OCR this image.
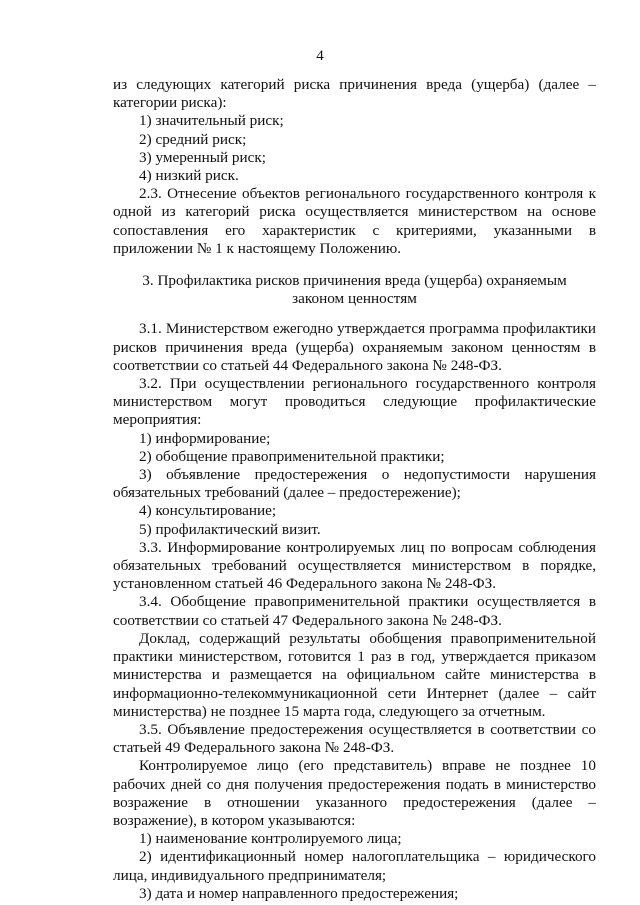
4

из следующих категорий риска причинения вреда (ущерба) (далее – категории риска):

1) значительный риск;

2) средний риск;

3) умеренный риск;

4) низкий риск.

2.3. Отнесение объектов регионального государственного контроля к одной из категорий риска осуществляется министерством на основе сопоставления его характеристик с критериями, указанными в приложении № 1 к настоящему Положению.

3. Профилактика рисков причинения вреда (ущерба) охраняемым законом ценностям

3.1. Министерством ежегодно утверждается программа профилактики рисков причинения вреда (ущерба) охраняемым законом ценностям в соответствии со статьей 44 Федерального закона № 248-ФЗ.

3.2. При осуществлении регионального государственного контроля министерством могут проводиться следующие профилактические мероприятия:

1) информирование;

2) обобщение правоприменительной практики;

3) объявление предостережения о недопустимости нарушения обязательных требований (далее – предостережение);

4) консультирование;

5) профилактический визит.

3.3. Информирование контролируемых лиц по вопросам соблюдения обязательных требований осуществляется министерством в порядке, установленном статьей 46 Федерального закона № 248-ФЗ.

3.4. Обобщение правоприменительной практики осуществляется в соответствии со статьей 47 Федерального закона № 248-ФЗ.

Доклад, содержащий результаты обобщения правоприменительной практики министерством, готовится 1 раз в год, утверждается приказом министерства и размещается на официальном сайте министерства в информационно-телекоммуникационной сети Интернет (далее – сайт министерства) не позднее 15 марта года, следующего за отчетным.

3.5. Объявление предостережения осуществляется в соответствии со статьей 49 Федерального закона № 248-ФЗ.

Контролируемое лицо (его представитель) вправе не позднее 10 рабочих дней со дня получения предостережения подать в министерство возражение в отношении указанного предостережения (далее – возражение), в котором указываются:

1) наименование контролируемого лица;

2) идентификационный номер налогоплательщика – юридического лица, индивидуального предпринимателя;

3) дата и номер направленного предостережения;
